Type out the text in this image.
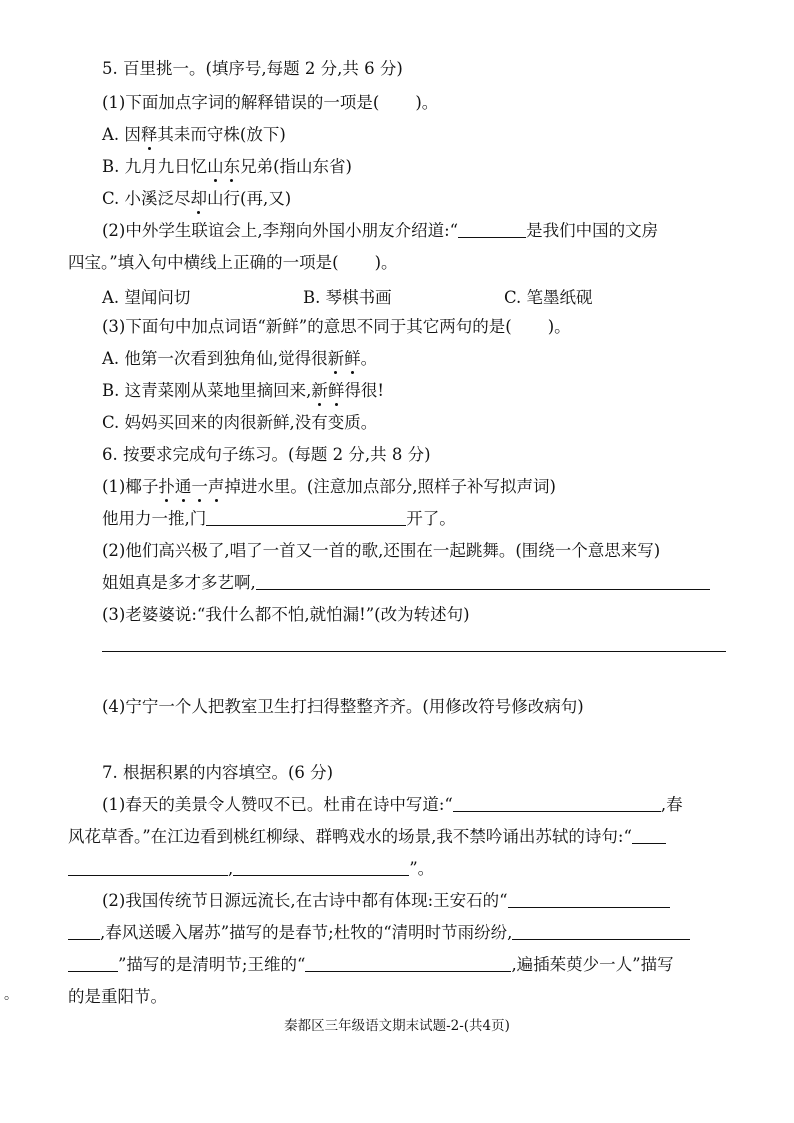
5. 百里挑一。(填序号,每题 2 分,共 6 分)
(1)下面加点字词的解释错误的一项是( )。
A. 因释其耒而守株(放下)
B. 九月九日忆山东兄弟(指山东省)
C. 小溪泛尽却山行(再,又)
(2)中外学生联谊会上,李翔向外国小朋友介绍道:“	是我们中国的文房
四宝。”填入句中横线上正确的一项是( )。
A. 望闻问切	B. 琴棋书画	C. 笔墨纸砚
(3)下面句中加点词语“新鲜”的意思不同于其它两句的是( )。
A. 他第一次看到独角仙,觉得很新鲜。
B. 这青菜刚从菜地里摘回来,新鲜得很!
C. 妈妈买回来的肉很新鲜,没有变质。
6. 按要求完成句子练习。(每题 2 分,共 8 分)
(1)椰子扑通一声掉进水里。(注意加点部分,照样子补写拟声词)
他用力一推,门	开了。
(2)他们高兴极了,唱了一首又一首的歌,还围在一起跳舞。(围绕一个意思来写)
姐姐真是多才多艺啊,
(3)老婆婆说:“我什么都不怕,就怕漏!”(改为转述句)
(4)宁宁一个人把教室卫生打扫得整整齐齐。(用修改符号修改病句)
7. 根据积累的内容填空。(6 分)
(1)春天的美景令人赞叹不已。杜甫在诗中写道:“	,春
风花草香。”在江边看到桃红柳绿、群鸭戏水的场景,我不禁吟诵出苏轼的诗句:“
,	”。
(2)我国传统节日源远流长,在古诗中都有体现:王安石的“
,春风送暖入屠苏”描写的是春节;杜牧的“清明时节雨纷纷,
”描写的是清明节;王维的“	,遍插茱萸少一人”描写
的是重阳节。
。
秦都区三年级语文期末试题-2-(共4页)
